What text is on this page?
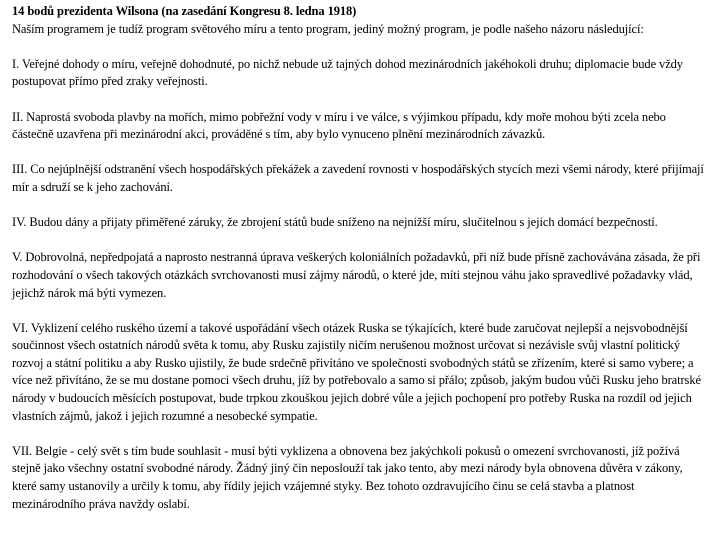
14 bodů prezidenta Wilsona (na zasedání Kongresu 8. ledna 1918)
Naším programem je tudíž program světového míru a tento program, jediný možný program, je podle našeho názoru následující:
I. Veřejné dohody o míru, veřejně dohodnuté, po nichž nebude už tajných dohod mezinárodních jakéhokoli druhu; diplomacie bude vždy postupovat přímo před zraky veřejnosti.
II. Naprostá svoboda plavby na mořích, mimo pobřežní vody v míru i ve válce, s výjimkou případu, kdy moře mohou býti zcela nebo částečně uzavřena při mezinárodní akci, prováděné s tím, aby bylo vynuceno plnění mezinárodních závazků.
III. Co nejúplnější odstranění všech hospodářských překážek a zavedení rovnosti v hospodářských stycích mezi všemi národy, které přijímají mír a sdruží se k jeho zachování.
IV. Budou dány a přijaty přiměřené záruky, že zbrojení států bude sníženo na nejnižší míru, slučitelnou s jejich domácí bezpečností.
V. Dobrovolná, nepředpojatá a naprosto nestranná úprava veškerých koloniálních požadavků, při níž bude přísně zachovávána zásada, že při rozhodování o všech takových otázkách svrchovanosti musí zájmy národů, o které jde, míti stejnou váhu jako spravedlivé požadavky vlád, jejichž nárok má býti vymezen.
VI. Vyklizení celého ruského území a takové uspořádání všech otázek Ruska se týkajících, které bude zaručovat nejlepší a nejsvobodnější součinnost všech ostatních národů světa k tomu, aby Rusku zajistily ničím nerušenou možnost určovat si nezávisle svůj vlastní politický rozvoj a státní politiku a aby Rusko ujistily, že bude srdečně přivítáno ve společnosti svobodných států se zřízením, které si samo vybere; a více než přivítáno, že se mu dostane pomoci všech druhu, jíž by potřebovalo a samo si přálo; způsob, jakým budou vůči Rusku jeho bratrské národy v budoucích měsících postupovat, bude trpkou zkouškou jejich dobré vůle a jejich pochopení pro potřeby Ruska na rozdíl od jejich vlastních zájmů, jakož i jejich rozumné a nesobecké sympatie.
VII. Belgie - celý svět s tím bude souhlasit - musí býti vyklizena a obnovena bez jakýchkoli pokusů o omezení svrchovanosti, jíž požívá stejně jako všechny ostatní svobodné národy. Žádný jiný čin neposlouží tak jako tento, aby mezi národy byla obnovena důvěra v zákony, které samy ustanovily a určily k tomu, aby řídily jejich vzájemné styky. Bez tohoto ozdravujícího činu se celá stavba a platnost mezinárodního práva navždy oslabí.
